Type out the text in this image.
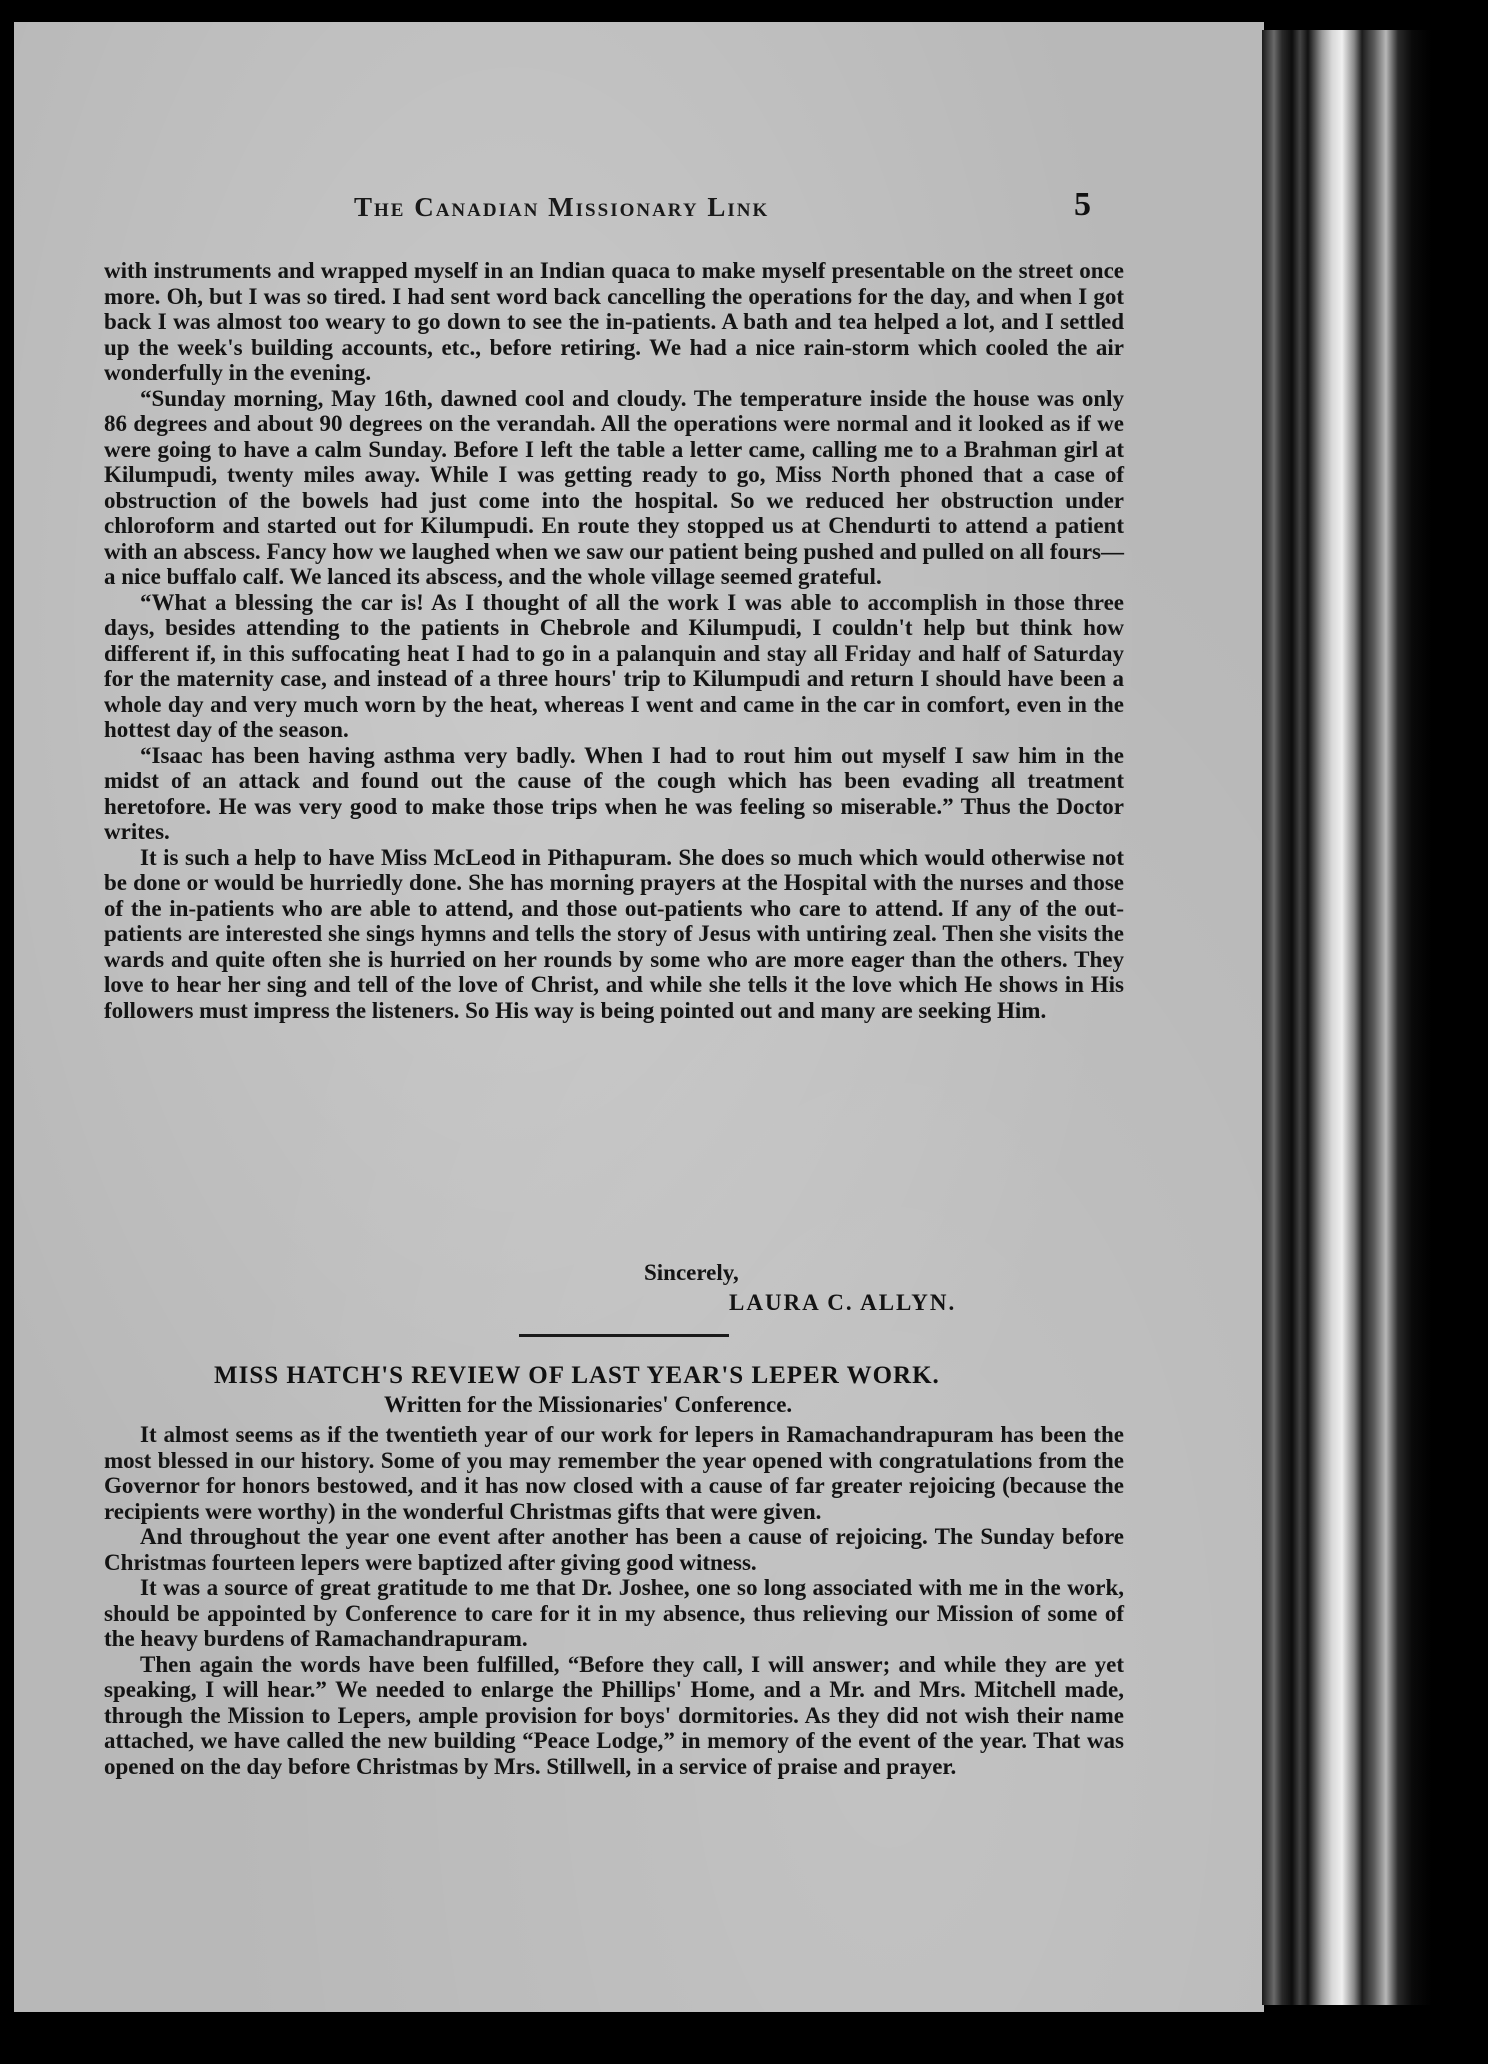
The Canadian Missionary Link	5

with instruments and wrapped myself in an Indian quaca to make myself presentable on the street once more. Oh, but I was so tired. I had sent word back cancelling the operations for the day, and when I got back I was almost too weary to go down to see the in-patients. A bath and tea helped a lot, and I settled up the week's building accounts, etc., before retiring. We had a nice rain-storm which cooled the air wonderfully in the evening.

“Sunday morning, May 16th, dawned cool and cloudy. The temperature inside the house was only 86 degrees and about 90 degrees on the verandah. All the operations were normal and it looked as if we were going to have a calm Sunday. Before I left the table a letter came, calling me to a Brahman girl at Kilumpudi, twenty miles away. While I was getting ready to go, Miss North phoned that a case of obstruction of the bowels had just come into the hospital. So we reduced her obstruction under chloroform and started out for Kilumpudi. En route they stopped us at Chendurti to attend a patient with an abscess. Fancy how we laughed when we saw our patient being pushed and pulled on all fours—a nice buffalo calf. We lanced its abscess, and the whole village seemed grateful.

“What a blessing the car is! As I thought of all the work I was able to accomplish in those three days, besides attending to the patients in Chebrole and Kilumpudi, I couldn't help but think how different if, in this suffocating heat I had to go in a palanquin and stay all Friday and half of Saturday for the maternity case, and instead of a three hours' trip to Kilumpudi and return I should have been a whole day and very much worn by the heat, whereas I went and came in the car in comfort, even in the hottest day of the season.

“Isaac has been having asthma very badly. When I had to rout him out myself I saw him in the midst of an attack and found out the cause of the cough which has been evading all treatment heretofore. He was very good to make those trips when he was feeling so miserable.” Thus the Doctor writes.

It is such a help to have Miss McLeod in Pithapuram. She does so much which would otherwise not be done or would be hurriedly done. She has morning prayers at the Hospital with the nurses and those of the in-patients who are able to attend, and those out-patients who care to attend. If any of the out-patients are interested she sings hymns and tells the story of Jesus with untiring zeal. Then she visits the wards and quite often she is hurried on her rounds by some who are more eager than the others. They love to hear her sing and tell of the love of Christ, and while she tells it the love which He shows in His followers must impress the listeners. So His way is being pointed out and many are seeking Him.

Sincerely,
LAURA C. ALLYN.
MISS HATCH'S REVIEW OF LAST YEAR'S LEPER WORK.
Written for the Missionaries' Conference.

It almost seems as if the twentieth year of our work for lepers in Ramachandrapuram has been the most blessed in our history. Some of you may remember the year opened with congratulations from the Governor for honors bestowed, and it has now closed with a cause of far greater rejoicing (because the recipients were worthy) in the wonderful Christmas gifts that were given.

And throughout the year one event after another has been a cause of rejoicing. The Sunday before Christmas fourteen lepers were baptized after giving good witness.

It was a source of great gratitude to me that Dr. Joshee, one so long associated with me in the work, should be appointed by Conference to care for it in my absence, thus relieving our Mission of some of the heavy burdens of Ramachandrapuram.

Then again the words have been fulfilled, “Before they call, I will answer; and while they are yet speaking, I will hear.” We needed to enlarge the Phillips' Home, and a Mr. and Mrs. Mitchell made, through the Mission to Lepers, ample provision for boys' dormitories. As they did not wish their name attached, we have called the new building “Peace Lodge,” in memory of the event of the year. That was opened on the day before Christmas by Mrs. Stillwell, in a service of praise and prayer.
